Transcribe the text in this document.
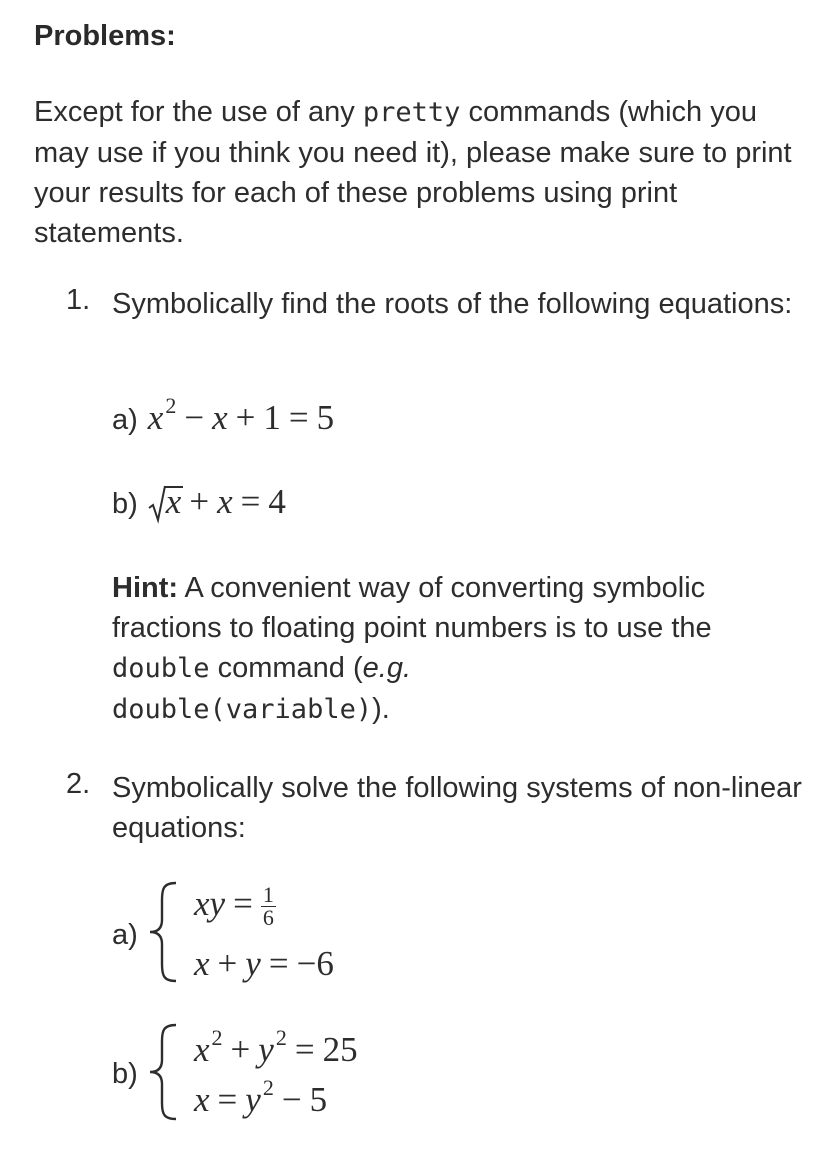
Problems:

Except for the use of any pretty commands (which you may use if you think you need it), please make sure to print your results for each of these problems using print statements.

1. Symbolically find the roots of the following equations:

a) x2 − x + 1 = 5
b) x + x = 4

Hint: A convenient way of converting symbolic fractions to floating point numbers is to use the double command (e.g.
double(variable)).

2. Symbolically solve the following systems of non-linear equations:

a)
xy = $\frac{1}{6}$
x + y = −6
b)
x2 + y2 = 25
x = y2 − 5
